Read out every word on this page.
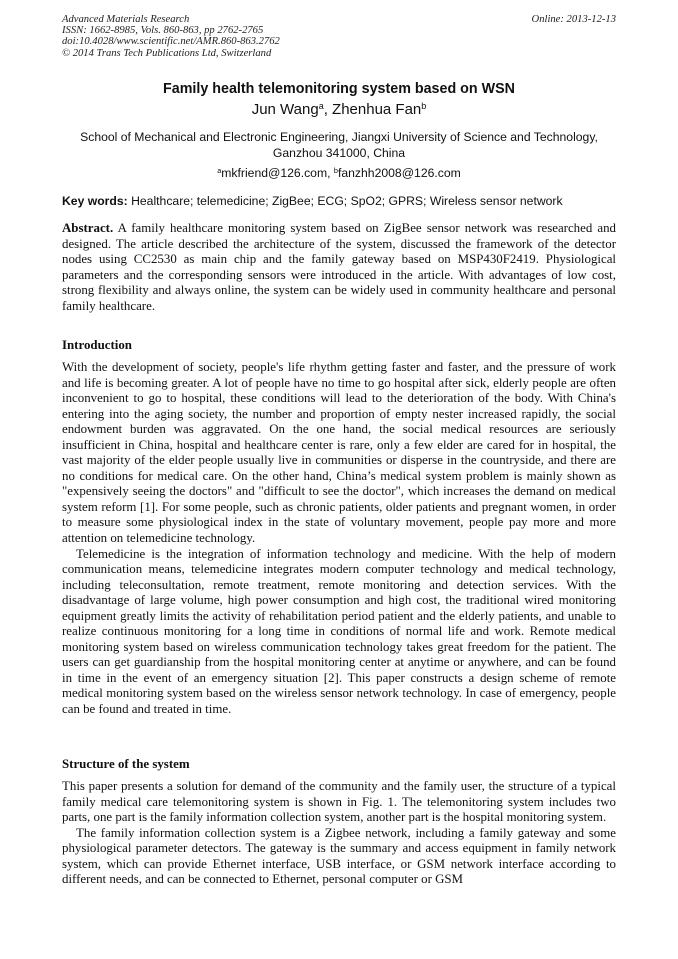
Advanced Materials Research
ISSN: 1662-8985, Vols. 860-863, pp 2762-2765
doi:10.4028/www.scientific.net/AMR.860-863.2762
© 2014 Trans Tech Publications Ltd, Switzerland
Online: 2013-12-13
Family health telemonitoring system based on WSN
Jun Wang$^a$, Zhenhua Fan$^b$
School of Mechanical and Electronic Engineering, Jiangxi University of Science and Technology,
Ganzhou 341000, China
$^a$mkfriend@126.com, $^b$fanzhh2008@126.com
Key words: Healthcare; telemedicine; ZigBee; ECG; SpO2; GPRS; Wireless sensor network

Abstract. A family healthcare monitoring system based on ZigBee sensor network was researched and designed. The article described the architecture of the system, discussed the framework of the detector nodes using CC2530 as main chip and the family gateway based on MSP430F2419. Physiological parameters and the corresponding sensors were introduced in the article. With advantages of low cost, strong flexibility and always online, the system can be widely used in community healthcare and personal family healthcare.

Introduction

With the development of society, people's life rhythm getting faster and faster, and the pressure of work and life is becoming greater. A lot of people have no time to go hospital after sick, elderly people are often inconvenient to go to hospital, these conditions will lead to the deterioration of the body. With China's entering into the aging society, the number and proportion of empty nester increased rapidly, the social endowment burden was aggravated. On the one hand, the social medical resources are seriously insufficient in China, hospital and healthcare center is rare, only a few elder are cared for in hospital, the vast majority of the elder people usually live in communities or disperse in the countryside, and there are no conditions for medical care. On the other hand, China’s medical system problem is mainly shown as "expensively seeing the doctors" and "difficult to see the doctor", which increases the demand on medical system reform [1]. For some people, such as chronic patients, older patients and pregnant women, in order to measure some physiological index in the state of voluntary movement, people pay more and more attention on telemedicine technology.

Telemedicine is the integration of information technology and medicine. With the help of modern communication means, telemedicine integrates modern computer technology and medical technology, including teleconsultation, remote treatment, remote monitoring and detection services. With the disadvantage of large volume, high power consumption and high cost, the traditional wired monitoring equipment greatly limits the activity of rehabilitation period patient and the elderly patients, and unable to realize continuous monitoring for a long time in conditions of normal life and work. Remote medical monitoring system based on wireless communication technology takes great freedom for the patient. The users can get guardianship from the hospital monitoring center at anytime or anywhere, and can be found in time in the event of an emergency situation [2]. This paper constructs a design scheme of remote medical monitoring system based on the wireless sensor network technology. In case of emergency, people can be found and treated in time.

Structure of the system

This paper presents a solution for demand of the community and the family user, the structure of a typical family medical care telemonitoring system is shown in Fig. 1. The telemonitoring system includes two parts, one part is the family information collection system, another part is the hospital monitoring system.

The family information collection system is a Zigbee network, including a family gateway and some physiological parameter detectors. The gateway is the summary and access equipment in family network system, which can provide Ethernet interface, USB interface, or GSM network interface according to different needs, and can be connected to Ethernet, personal computer or GSM
